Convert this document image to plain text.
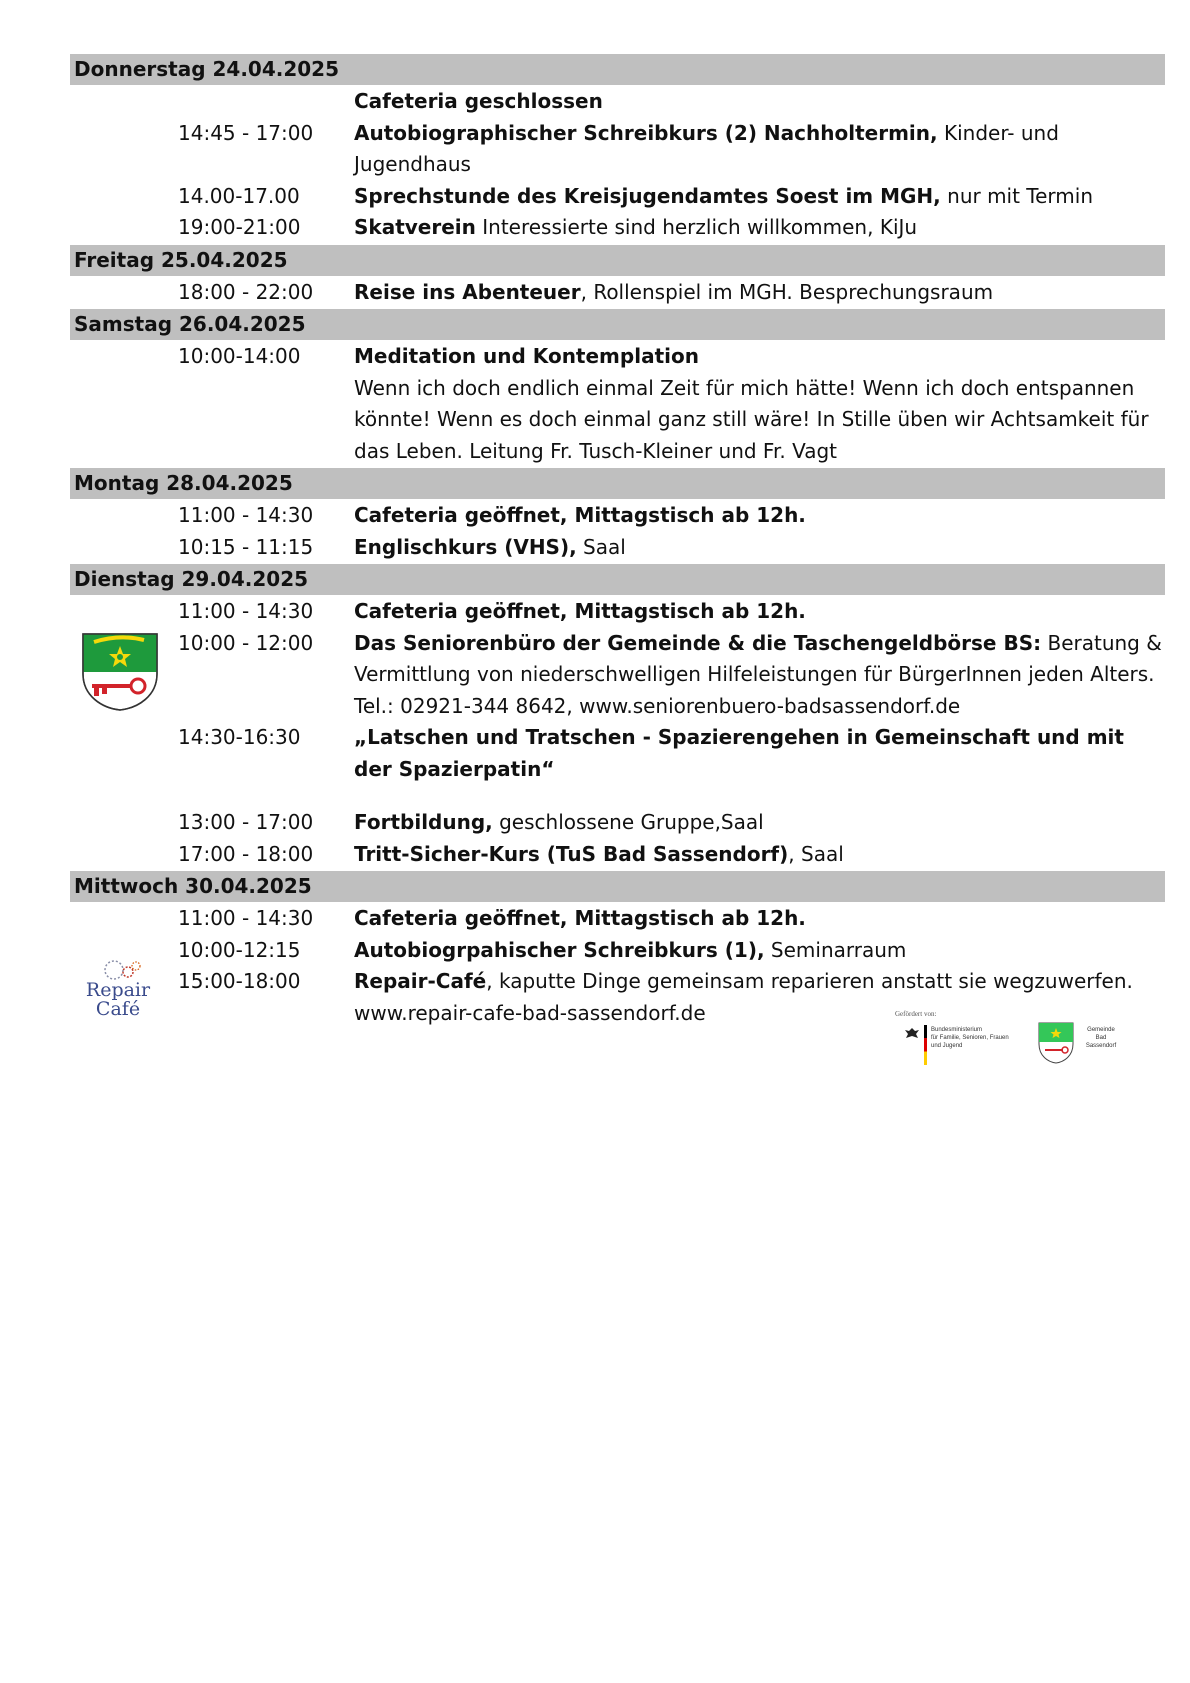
Donnerstag 24.04.2025
Cafeteria geschlossen
14:45 - 17:00	Autobiographischer Schreibkurs (2) Nachholtermin, Kinder- und Jugendhaus
14.00-17.00	Sprechstunde des Kreisjugendamtes Soest im MGH, nur mit Termin
19:00-21:00	Skatverein Interessierte sind herzlich willkommen, KiJu
Freitag 25.04.2025
18:00 - 22:00	Reise ins Abenteuer, Rollenspiel im MGH. Besprechungsraum
Samstag 26.04.2025
10:00-14:00	Meditation und Kontemplation
Wenn ich doch endlich einmal Zeit für mich hätte! Wenn ich doch entspannen könnte! Wenn es doch einmal ganz still wäre! In Stille üben wir Achtsamkeit für das Leben. Leitung Fr. Tusch-Kleiner und Fr. Vagt
Montag 28.04.2025
11:00 - 14:30	Cafeteria geöffnet, Mittagstisch ab 12h.
10:15 - 11:15	Englischkurs (VHS), Saal
Dienstag 29.04.2025
11:00 - 14:30	Cafeteria geöffnet, Mittagstisch ab 12h.
10:00 - 12:00	Das Seniorenbüro der Gemeinde & die Taschengeldbörse BS: Beratung & Vermittlung von niederschwelligen Hilfeleistungen für BürgerInnen jeden Alters. Tel.: 02921-344 8642, www.seniorenbuero-badsassendorf.de
14:30-16:30	„Latschen und Tratschen - Spazierengehen in Gemeinschaft und mit der Spazierpatin“
13:00 - 17:00	Fortbildung, geschlossene Gruppe,Saal
17:00 - 18:00	Tritt-Sicher-Kurs (TuS Bad Sassendorf), Saal
Mittwoch 30.04.2025
11:00 - 14:30	Cafeteria geöffnet, Mittagstisch ab 12h.
10:00-12:15	Autobiogrpahischer Schreibkurs (1), Seminarraum
Repair
Café
15:00-18:00	Repair-Café, kaputte Dinge gemeinsam reparieren anstatt sie wegzuwerfen. www.repair-cafe-bad-sassendorf.de	Gefördert von:
Bundesministerium
für Familie, Senioren, Frauen
und Jugend
Gemeinde
Bad
Sassendorf
